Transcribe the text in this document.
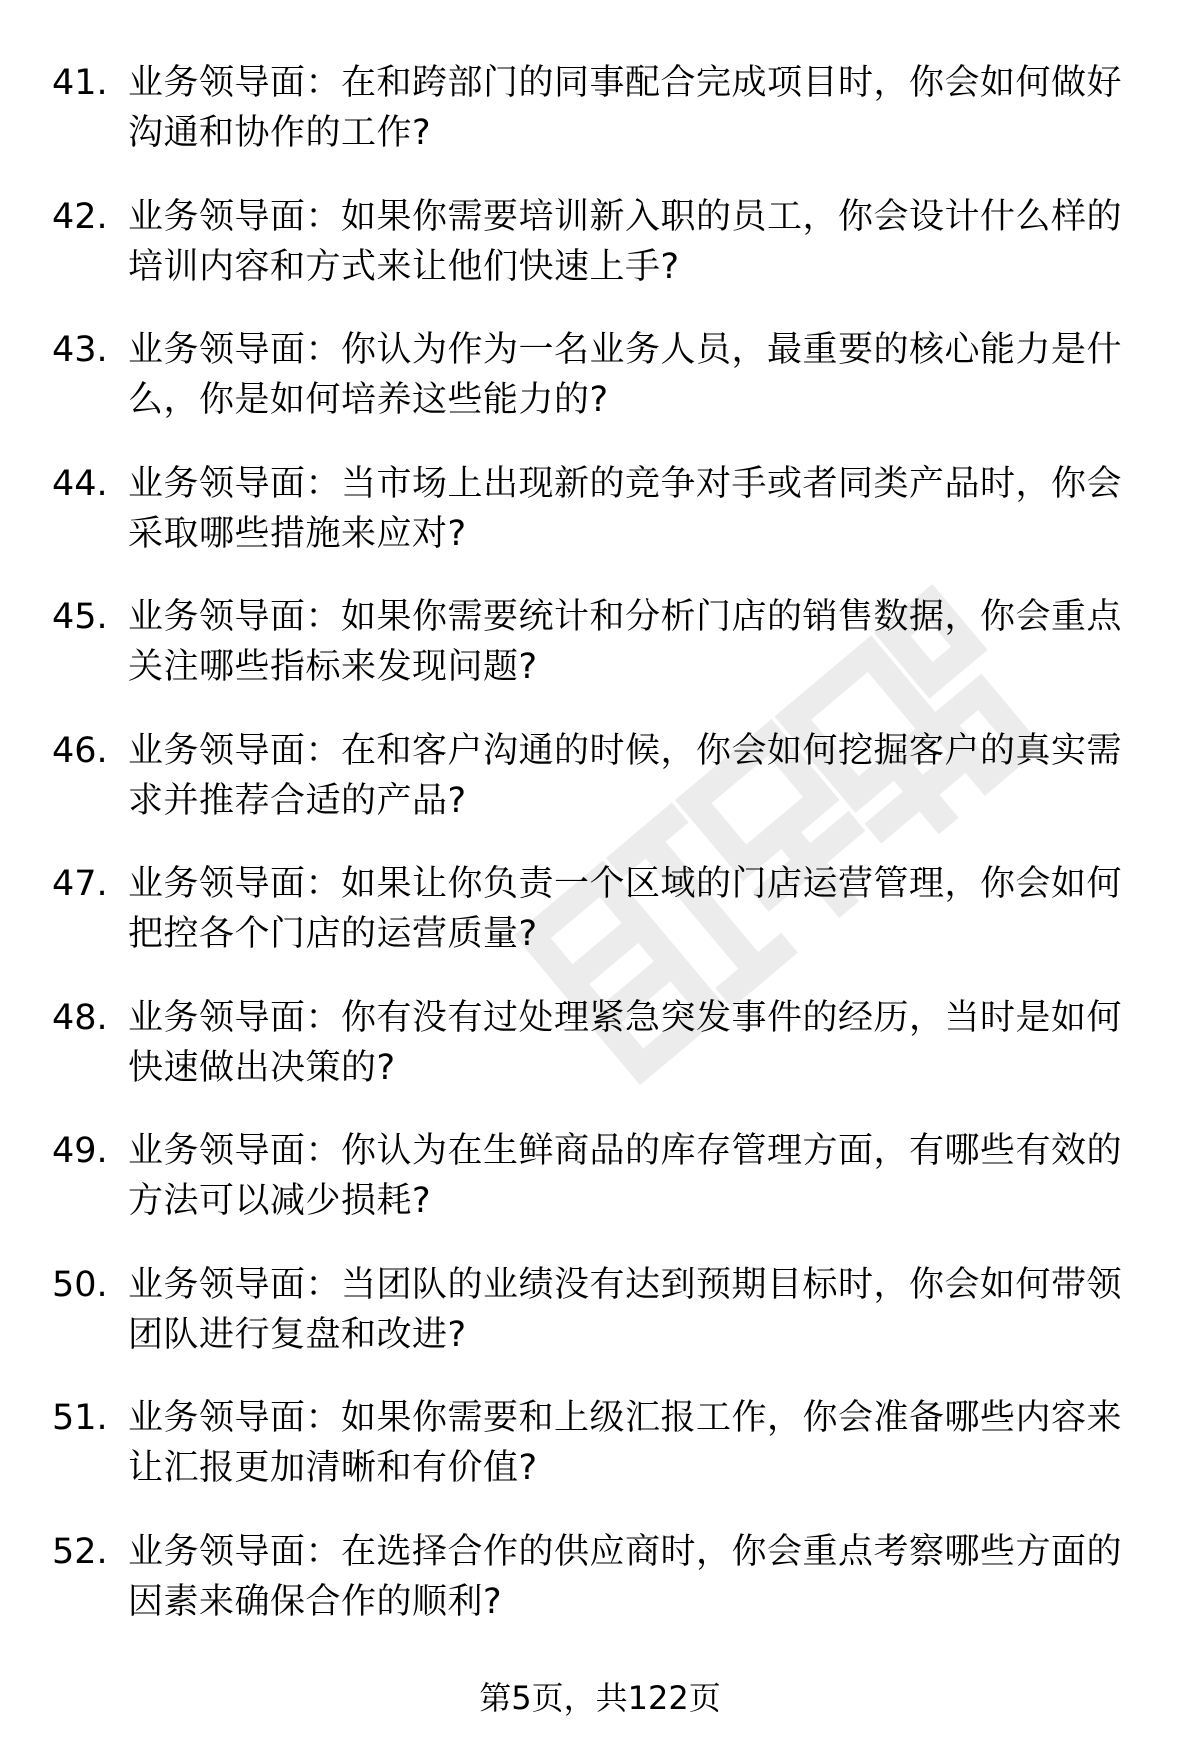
41. 业务领导面：在和跨部门的同事配合完成项目时，你会如何做好沟通和协作的工作?
42. 业务领导面：如果你需要培训新入职的员工，你会设计什么样的培训内容和方式来让他们快速上手?
43. 业务领导面：你认为作为一名业务人员，最重要的核心能力是什么，你是如何培养这些能力的?
44. 业务领导面：当市场上出现新的竞争对手或者同类产品时，你会采取哪些措施来应对?
45. 业务领导面：如果你需要统计和分析门店的销售数据，你会重点关注哪些指标来发现问题?
46. 业务领导面：在和客户沟通的时候，你会如何挖掘客户的真实需求并推荐合适的产品?
47. 业务领导面：如果让你负责一个区域的门店运营管理，你会如何把控各个门店的运营质量?
48. 业务领导面：你有没有过处理紧急突发事件的经历，当时是如何快速做出决策的?
49. 业务领导面：你认为在生鲜商品的库存管理方面，有哪些有效的方法可以减少损耗?
50. 业务领导面：当团队的业绩没有达到预期目标时，你会如何带领团队进行复盘和改进?
51. 业务领导面：如果你需要和上级汇报工作，你会准备哪些内容来让汇报更加清晰和有价值?
52. 业务领导面：在选择合作的供应商时，你会重点考察哪些方面的因素来确保合作的顺利?
第5页，共122页
